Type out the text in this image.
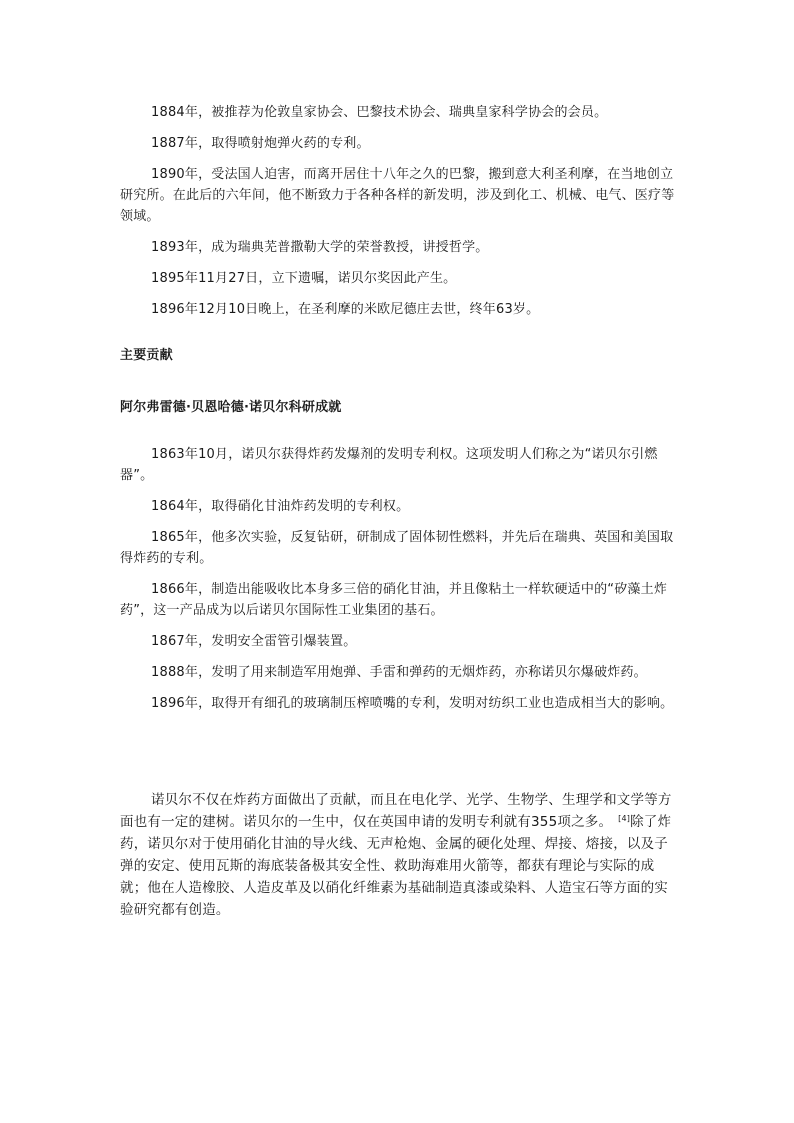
1884年，被推荐为伦敦皇家协会、巴黎技术协会、瑞典皇家科学协会的会员。

1887年，取得喷射炮弹火药的专利。

1890年，受法国人迫害，而离开居住十八年之久的巴黎，搬到意大利圣利摩，在当地创立研究所。在此后的六年间，他不断致力于各种各样的新发明，涉及到化工、机械、电气、医疗等领域。

1893年，成为瑞典芜普撒勒大学的荣誉教授，讲授哲学。

1895年11月27日，立下遗嘱，诺贝尔奖因此产生。

1896年12月10日晚上，在圣利摩的米欧尼德庄去世，终年63岁。

主要贡献

阿尔弗雷德·贝恩哈德·诺贝尔科研成就

1863年10月，诺贝尔获得炸药发爆剂的发明专利权。这项发明人们称之为“诺贝尔引燃器”。

1864年，取得硝化甘油炸药发明的专利权。

1865年，他多次实验，反复钻研，研制成了固体韧性燃料，并先后在瑞典、英国和美国取得炸药的专利。

1866年，制造出能吸收比本身多三倍的硝化甘油，并且像粘土一样软硬适中的“矽藻土炸药”，这一产品成为以后诺贝尔国际性工业集团的基石。

1867年，发明安全雷管引爆装置。

1888年，发明了用来制造军用炮弹、手雷和弹药的无烟炸药，亦称诺贝尔爆破炸药。

1896年，取得开有细孔的玻璃制压榨喷嘴的专利，发明对纺织工业也造成相当大的影响。

诺贝尔不仅在炸药方面做出了贡献，而且在电化学、光学、生物学、生理学和文学等方面也有一定的建树。诺贝尔的一生中，仅在英国申请的发明专利就有355项之多。 [4]除了炸药，诺贝尔对于使用硝化甘油的导火线、无声枪炮、金属的硬化处理、焊接、熔接，以及子弹的安定、使用瓦斯的海底装备极其安全性、救助海难用火箭等，都获有理论与实际的成就；他在人造橡胶、人造皮革及以硝化纤维素为基础制造真漆或染料、人造宝石等方面的实验研究都有创造。
